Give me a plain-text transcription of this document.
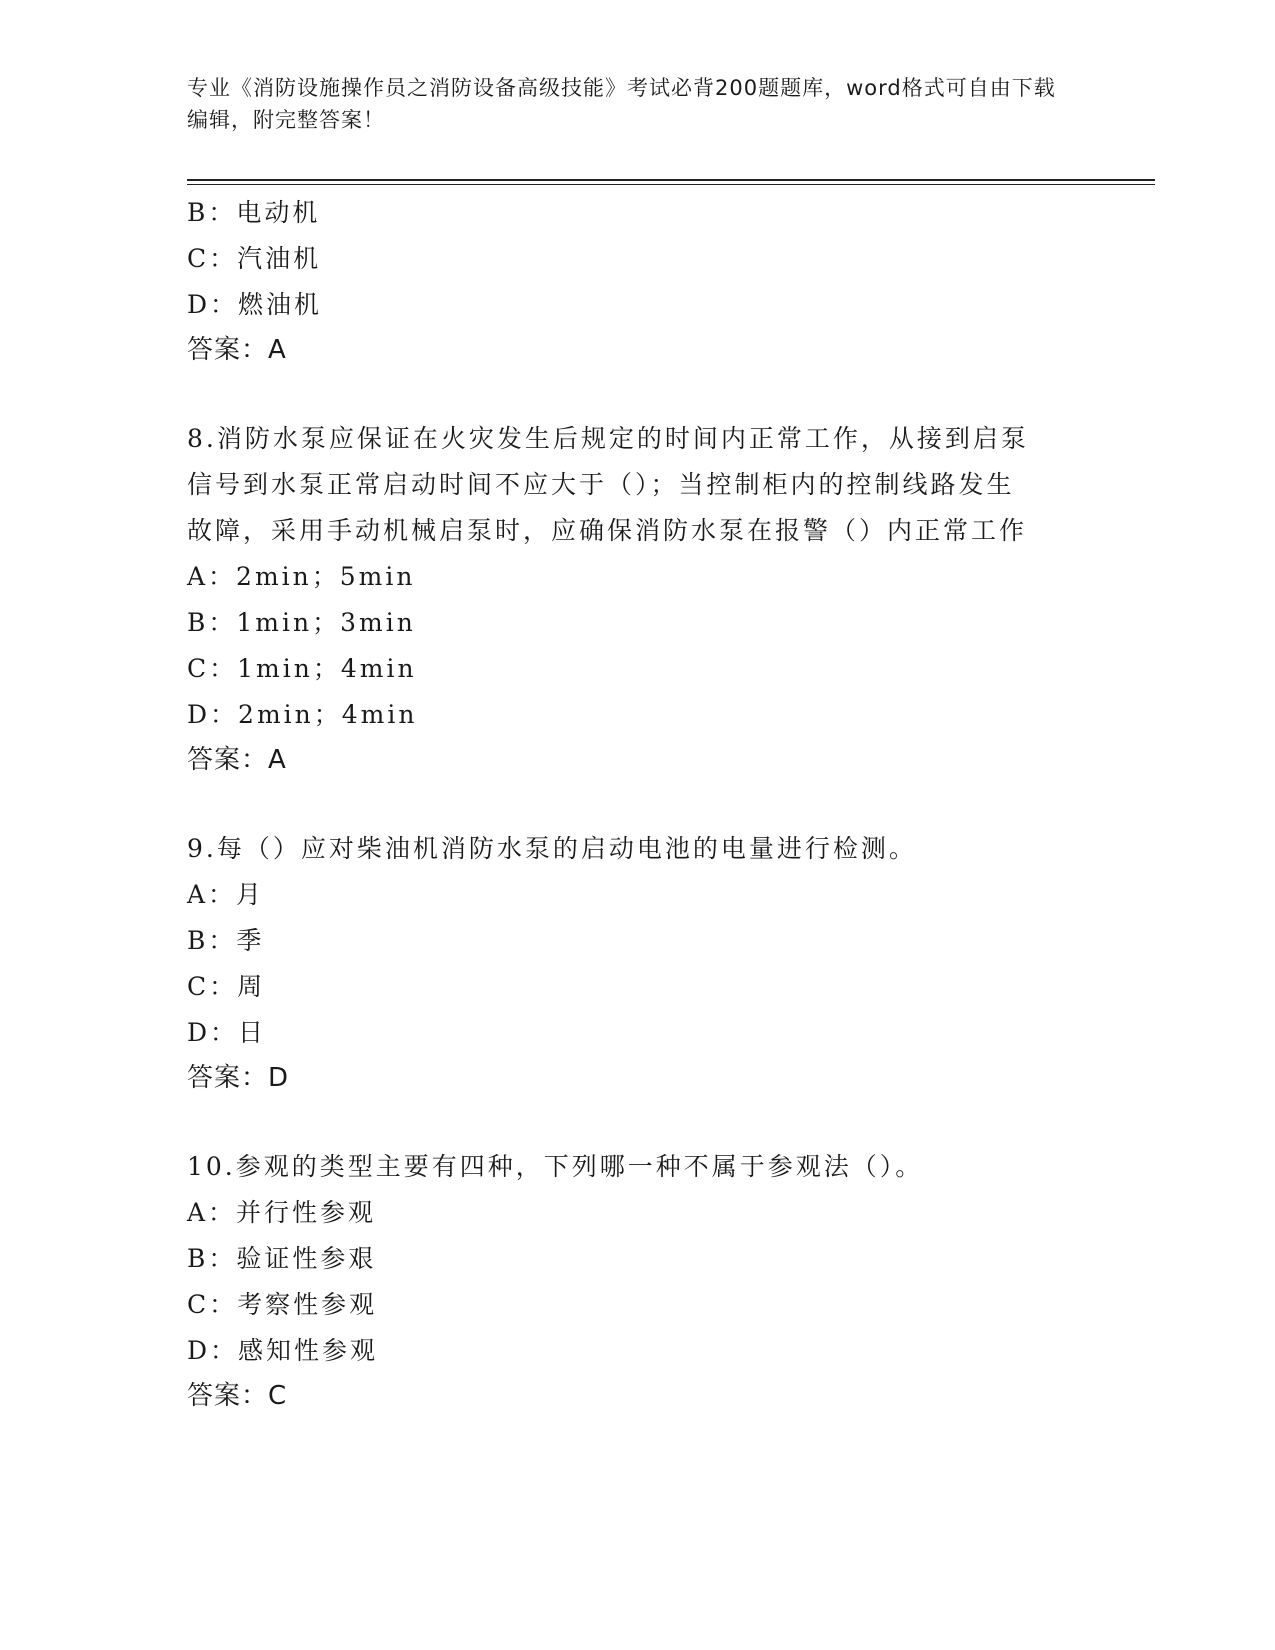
专业《消防设施操作员之消防设备高级技能》考试必背200题题库，word格式可自由下载编辑，附完整答案！
B：电动机
C：汽油机
D：燃油机
答案：A
8.消防水泵应保证在火灾发生后规定的时间内正常工作，从接到启泵
信号到水泵正常启动时间不应大于（）；当控制柜内的控制线路发生
故障，采用手动机械启泵时，应确保消防水泵在报警（）内正常工作
A：2min；5min
B：1min；3min
C：1min；4min
D：2min；4min
答案：A
9.每（）应对柴油机消防水泵的启动电池的电量进行检测。
A：月
B：季
C：周
D：日
答案：D
10.参观的类型主要有四种，下列哪一种不属于参观法（）。
A：并行性参观
B：验证性参艰
C：考察性参观
D：感知性参观
答案：C
